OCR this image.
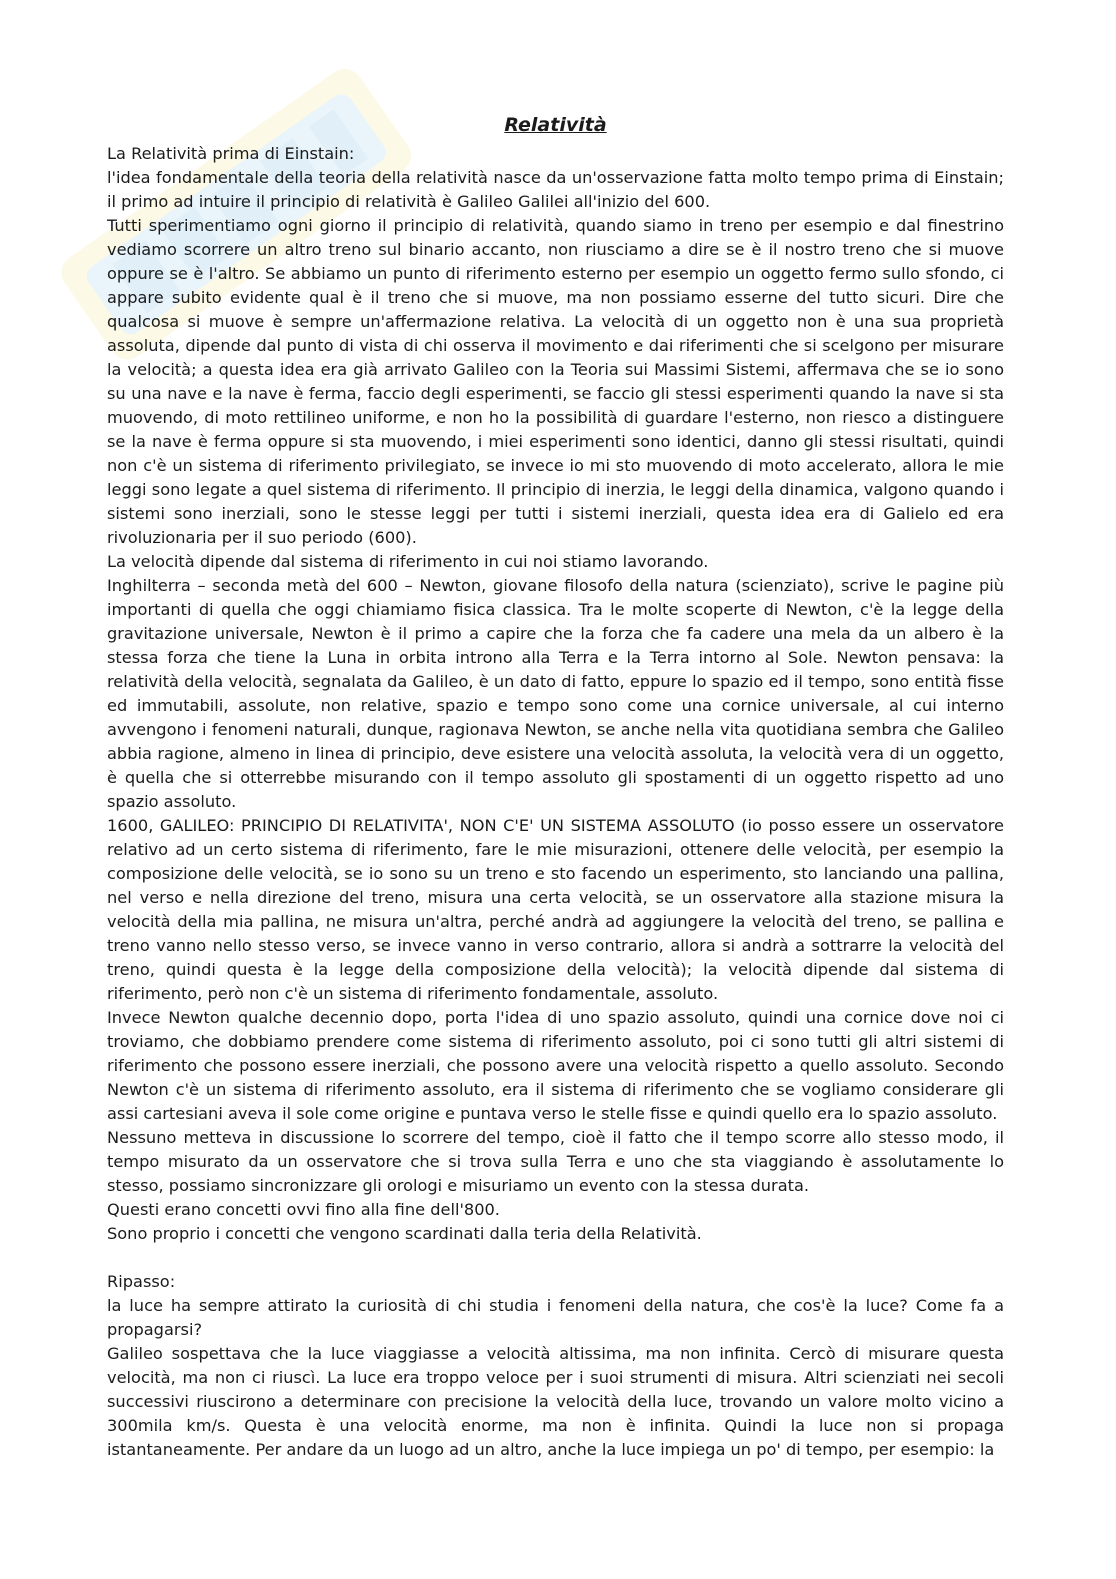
Relatività

La Relatività prima di Einstain:

l'idea fondamentale della teoria della relatività nasce da un'osservazione fatta molto tempo prima di Einstain; il primo ad intuire il principio di relatività è Galileo Galilei all'inizio del 600.

Tutti sperimentiamo ogni giorno il principio di relatività, quando siamo in treno per esempio e dal finestrino vediamo scorrere un altro treno sul binario accanto, non riusciamo a dire se è il nostro treno che si muove oppure se è l'altro. Se abbiamo un punto di riferimento esterno per esempio un oggetto fermo sullo sfondo, ci appare subito evidente qual è il treno che si muove, ma non possiamo esserne del tutto sicuri. Dire che qualcosa si muove è sempre un'affermazione relativa. La velocità di un oggetto non è una sua proprietà assoluta, dipende dal punto di vista di chi osserva il movimento e dai riferimenti che si scelgono per misurare la velocità; a questa idea era già arrivato Galileo con la Teoria sui Massimi Sistemi, affermava che se io sono su una nave e la nave è ferma, faccio degli esperimenti, se faccio gli stessi esperimenti quando la nave si sta muovendo, di moto rettilineo uniforme, e non ho la possibilità di guardare l'esterno, non riesco a distinguere se la nave è ferma oppure si sta muovendo, i miei esperimenti sono identici, danno gli stessi risultati, quindi non c'è un sistema di riferimento privilegiato, se invece io mi sto muovendo di moto accelerato, allora le mie leggi sono legate a quel sistema di riferimento. Il principio di inerzia, le leggi della dinamica, valgono quando i sistemi sono inerziali, sono le stesse leggi per tutti i sistemi inerziali, questa idea era di Galielo ed era rivoluzionaria per il suo periodo (600).

La velocità dipende dal sistema di riferimento in cui noi stiamo lavorando.

Inghilterra – seconda metà del 600 – Newton, giovane filosofo della natura (scienziato), scrive le pagine più importanti di quella che oggi chiamiamo fisica classica. Tra le molte scoperte di Newton, c'è la legge della gravitazione universale, Newton è il primo a capire che la forza che fa cadere una mela da un albero è la stessa forza che tiene la Luna in orbita introno alla Terra e la Terra intorno al Sole. Newton pensava: la relatività della velocità, segnalata da Galileo, è un dato di fatto, eppure lo spazio ed il tempo, sono entità fisse ed immutabili, assolute, non relative, spazio e tempo sono come una cornice universale, al cui interno avvengono i fenomeni naturali, dunque, ragionava Newton, se anche nella vita quotidiana sembra che Galileo abbia ragione, almeno in linea di principio, deve esistere una velocità assoluta, la velocità vera di un oggetto, è quella che si otterrebbe misurando con il tempo assoluto gli spostamenti di un oggetto rispetto ad uno spazio assoluto.

1600, GALILEO: PRINCIPIO DI RELATIVITA', NON C'E' UN SISTEMA ASSOLUTO (io posso essere un osservatore relativo ad un certo sistema di riferimento, fare le mie misurazioni, ottenere delle velocità, per esempio la composizione delle velocità, se io sono su un treno e sto facendo un esperimento, sto lanciando una pallina, nel verso e nella direzione del treno, misura una certa velocità, se un osservatore alla stazione misura la velocità della mia pallina, ne misura un'altra, perché andrà ad aggiungere la velocità del treno, se pallina e treno vanno nello stesso verso, se invece vanno in verso contrario, allora si andrà a sottrarre la velocità del treno, quindi questa è la legge della composizione della velocità); la velocità dipende dal sistema di riferimento, però non c'è un sistema di riferimento fondamentale, assoluto.

Invece Newton qualche decennio dopo, porta l'idea di uno spazio assoluto, quindi una cornice dove noi ci troviamo, che dobbiamo prendere come sistema di riferimento assoluto, poi ci sono tutti gli altri sistemi di riferimento che possono essere inerziali, che possono avere una velocità rispetto a quello assoluto. Secondo Newton c'è un sistema di riferimento assoluto, era il sistema di riferimento che se vogliamo considerare gli assi cartesiani aveva il sole come origine e puntava verso le stelle fisse e quindi quello era lo spazio assoluto.

Nessuno metteva in discussione lo scorrere del tempo, cioè il fatto che il tempo scorre allo stesso modo, il tempo misurato da un osservatore che si trova sulla Terra e uno che sta viaggiando è assolutamente lo stesso, possiamo sincronizzare gli orologi e misuriamo un evento con la stessa durata.

Questi erano concetti ovvi fino alla fine dell'800.

Sono proprio i concetti che vengono scardinati dalla teria della Relatività.

Ripasso:

la luce ha sempre attirato la curiosità di chi studia i fenomeni della natura, che cos'è la luce? Come fa a propagarsi?

Galileo sospettava che la luce viaggiasse a velocità altissima, ma non infinita. Cercò di misurare questa velocità, ma non ci riuscì. La luce era troppo veloce per i suoi strumenti di misura. Altri scienziati nei secoli successivi riuscirono a determinare con precisione la velocità della luce, trovando un valore molto vicino a 300mila km/s. Questa è una velocità enorme, ma non è infinita. Quindi la luce non si propaga istantaneamente. Per andare da un luogo ad un altro, anche la luce impiega un po' di tempo, per esempio: la
